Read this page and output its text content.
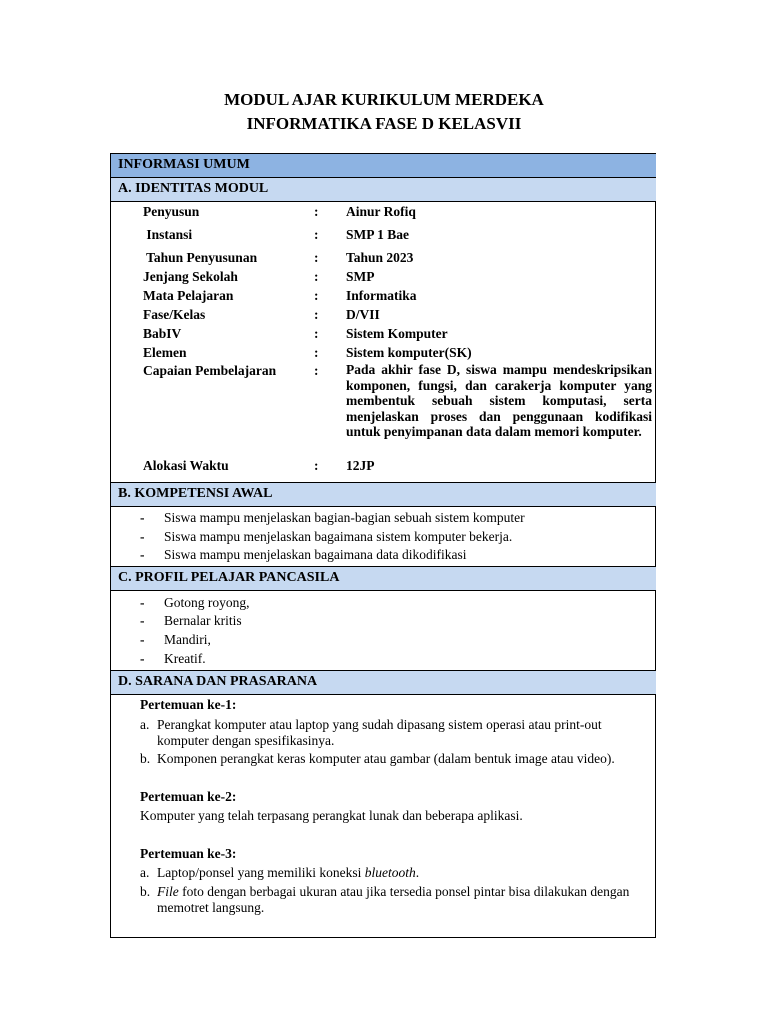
MODUL AJAR KURIKULUM MERDEKA
INFORMATIKA FASE D KELASVII
INFORMASI UMUM
A. IDENTITAS MODUL
Penyusun	: Ainur Rofiq
Instansi	: SMP 1 Bae
Tahun Penyusunan	: Tahun 2023
Jenjang Sekolah	: SMP
Mata Pelajaran	: Informatika
Fase/Kelas	: D/VII
BabIV	: Sistem Komputer
Elemen	: Sistem komputer(SK)
Capaian Pembelajaran	: Pada akhir fase D, siswa mampu mendeskripsikan komponen, fungsi, dan carakerja komputer yang membentuk sebuah sistem komputasi, serta menjelaskan proses dan penggunaan kodifikasi untuk penyimpanan data dalam memori komputer.
Alokasi Waktu	: 12JP
B. KOMPETENSI AWAL
- Siswa mampu menjelaskan bagian-bagian sebuah sistem komputer
- Siswa mampu menjelaskan bagaimana sistem komputer bekerja.
- Siswa mampu menjelaskan bagaimana data dikodifikasi
C. PROFIL PELAJAR PANCASILA
- Gotong royong,
- Bernalar kritis
- Mandiri,
- Kreatif.
D. SARANA DAN PRASARANA
Pertemuan ke-1:
a. Perangkat komputer atau laptop yang sudah dipasang sistem operasi atau print-out komputer dengan spesifikasinya.
b. Komponen perangkat keras komputer atau gambar (dalam bentuk image atau video).
Pertemuan ke-2:
Komputer yang telah terpasang perangkat lunak dan beberapa aplikasi.
Pertemuan ke-3:
a. Laptop/ponsel yang memiliki koneksi bluetooth.
b. File foto dengan berbagai ukuran atau jika tersedia ponsel pintar bisa dilakukan dengan memotret langsung.
